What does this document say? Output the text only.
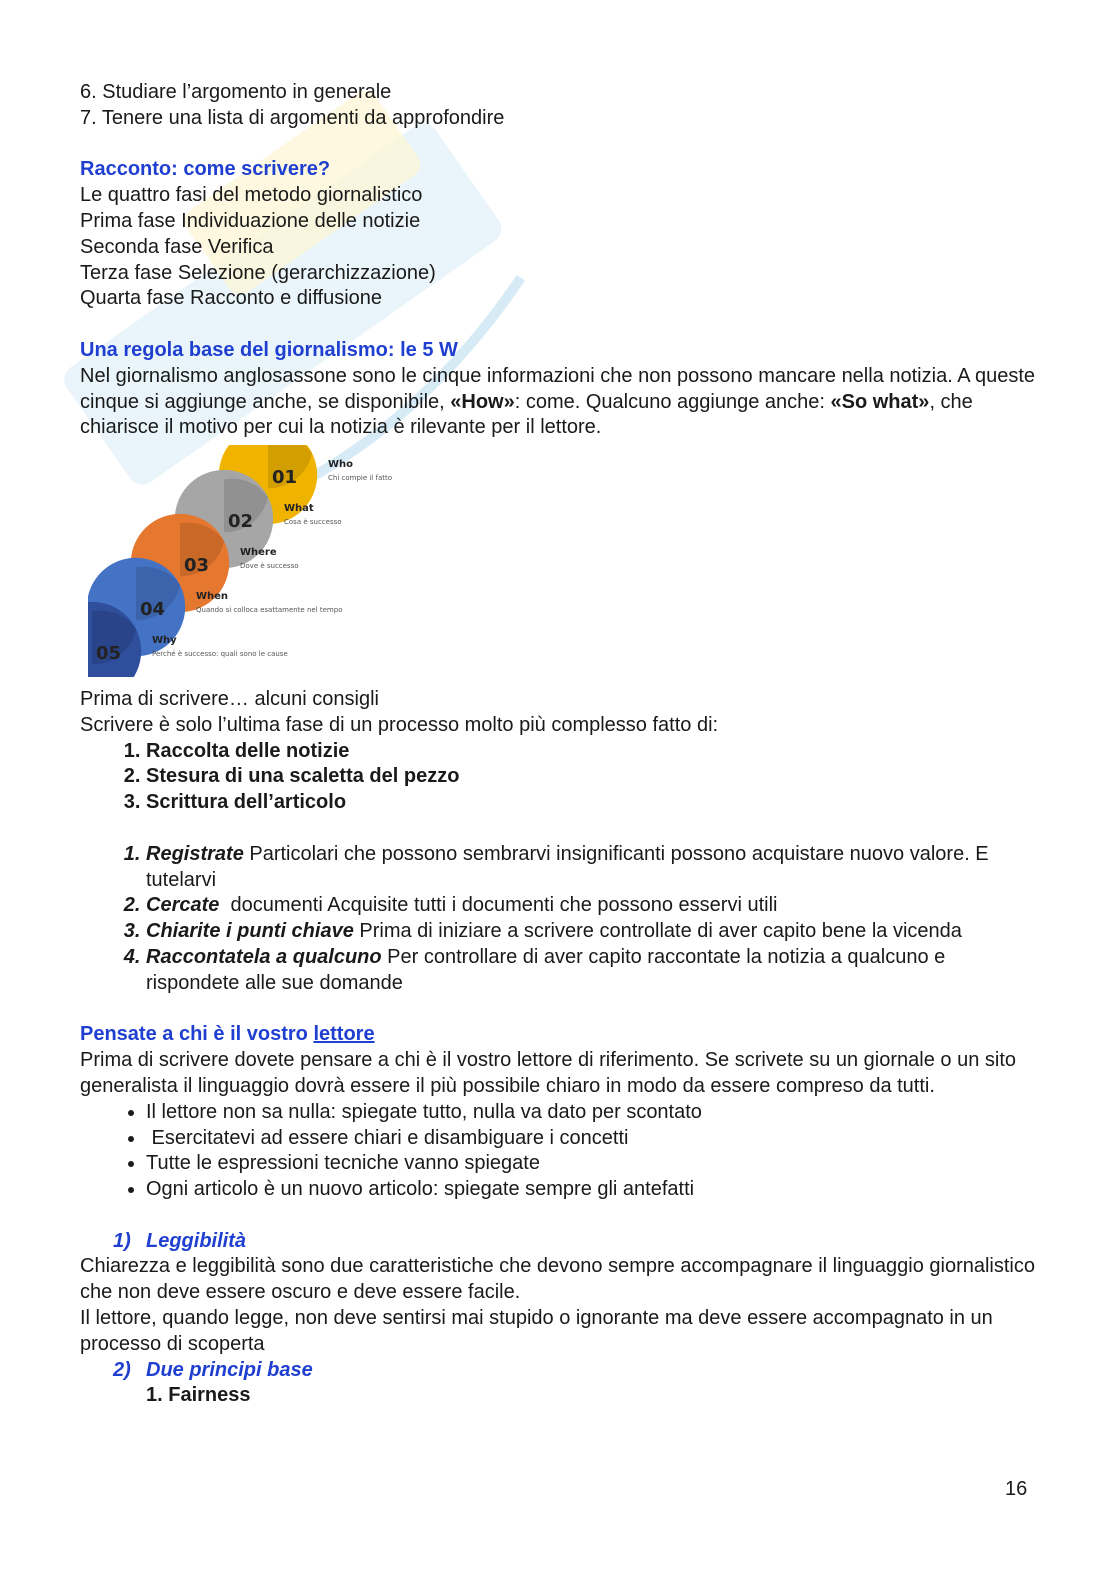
6. Studiare l’argomento in generale

7. Tenere una lista di argomenti da approfondire

Racconto: come scrivere?

Le quattro fasi del metodo giornalistico

Prima fase Individuazione delle notizie

Seconda fase Verifica

Terza fase Selezione (gerarchizzazione)

Quarta fase Racconto e diffusione

Una regola base del giornalismo: le 5 W

Nel giornalismo anglosassone sono le cinque informazioni che non possono mancare nella notizia. A queste cinque si aggiunge anche, se disponibile, «How»: come. Qualcuno aggiunge anche: «So what», che chiarisce il motivo per cui la notizia è rilevante per il lettore.

01
Who
Chi compie il fatto
02
What
Cosa è successo
03
Where
Dove è successo
04
When
Quando si colloca esattamente nel tempo
05
Why
Perché è successo: quali sono le cause

Prima di scrivere… alcuni consigli

Scrivere è solo l’ultima fase di un processo molto più complesso fatto di:

1. Raccolta delle notizie
2. Stesura di una scaletta del pezzo
3. Scrittura dell’articolo
1. Registrate Particolari che possono sembrarvi insignificanti possono acquistare nuovo valore. E tutelarvi
2. Cercate  documenti Acquisite tutti i documenti che possono esservi utili
3. Chiarite i punti chiave Prima di iniziare a scrivere controllate di aver capito bene la vicenda
4. Raccontatela a qualcuno Per controllare di aver capito raccontate la notizia a qualcuno e rispondete alle sue domande

Pensate a chi è il vostro lettore

Prima di scrivere dovete pensare a chi è il vostro lettore di riferimento. Se scrivete su un giornale o un sito generalista il linguaggio dovrà essere il più possibile chiaro in modo da essere compreso da tutti.

• Il lettore non sa nulla: spiegate tutto, nulla va dato per scontato
•  Esercitatevi ad essere chiari e disambiguare i concetti
• Tutte le espressioni tecniche vanno spiegate
• Ogni articolo è un nuovo articolo: spiegate sempre gli antefatti

1) Leggibilità

Chiarezza e leggibilità sono due caratteristiche che devono sempre accompagnare il linguaggio giornalistico che non deve essere oscuro e deve essere facile.

Il lettore, quando legge, non deve sentirsi mai stupido o ignorante ma deve essere accompagnato in un processo di scoperta

2) Due principi base

1. Fairness

16
